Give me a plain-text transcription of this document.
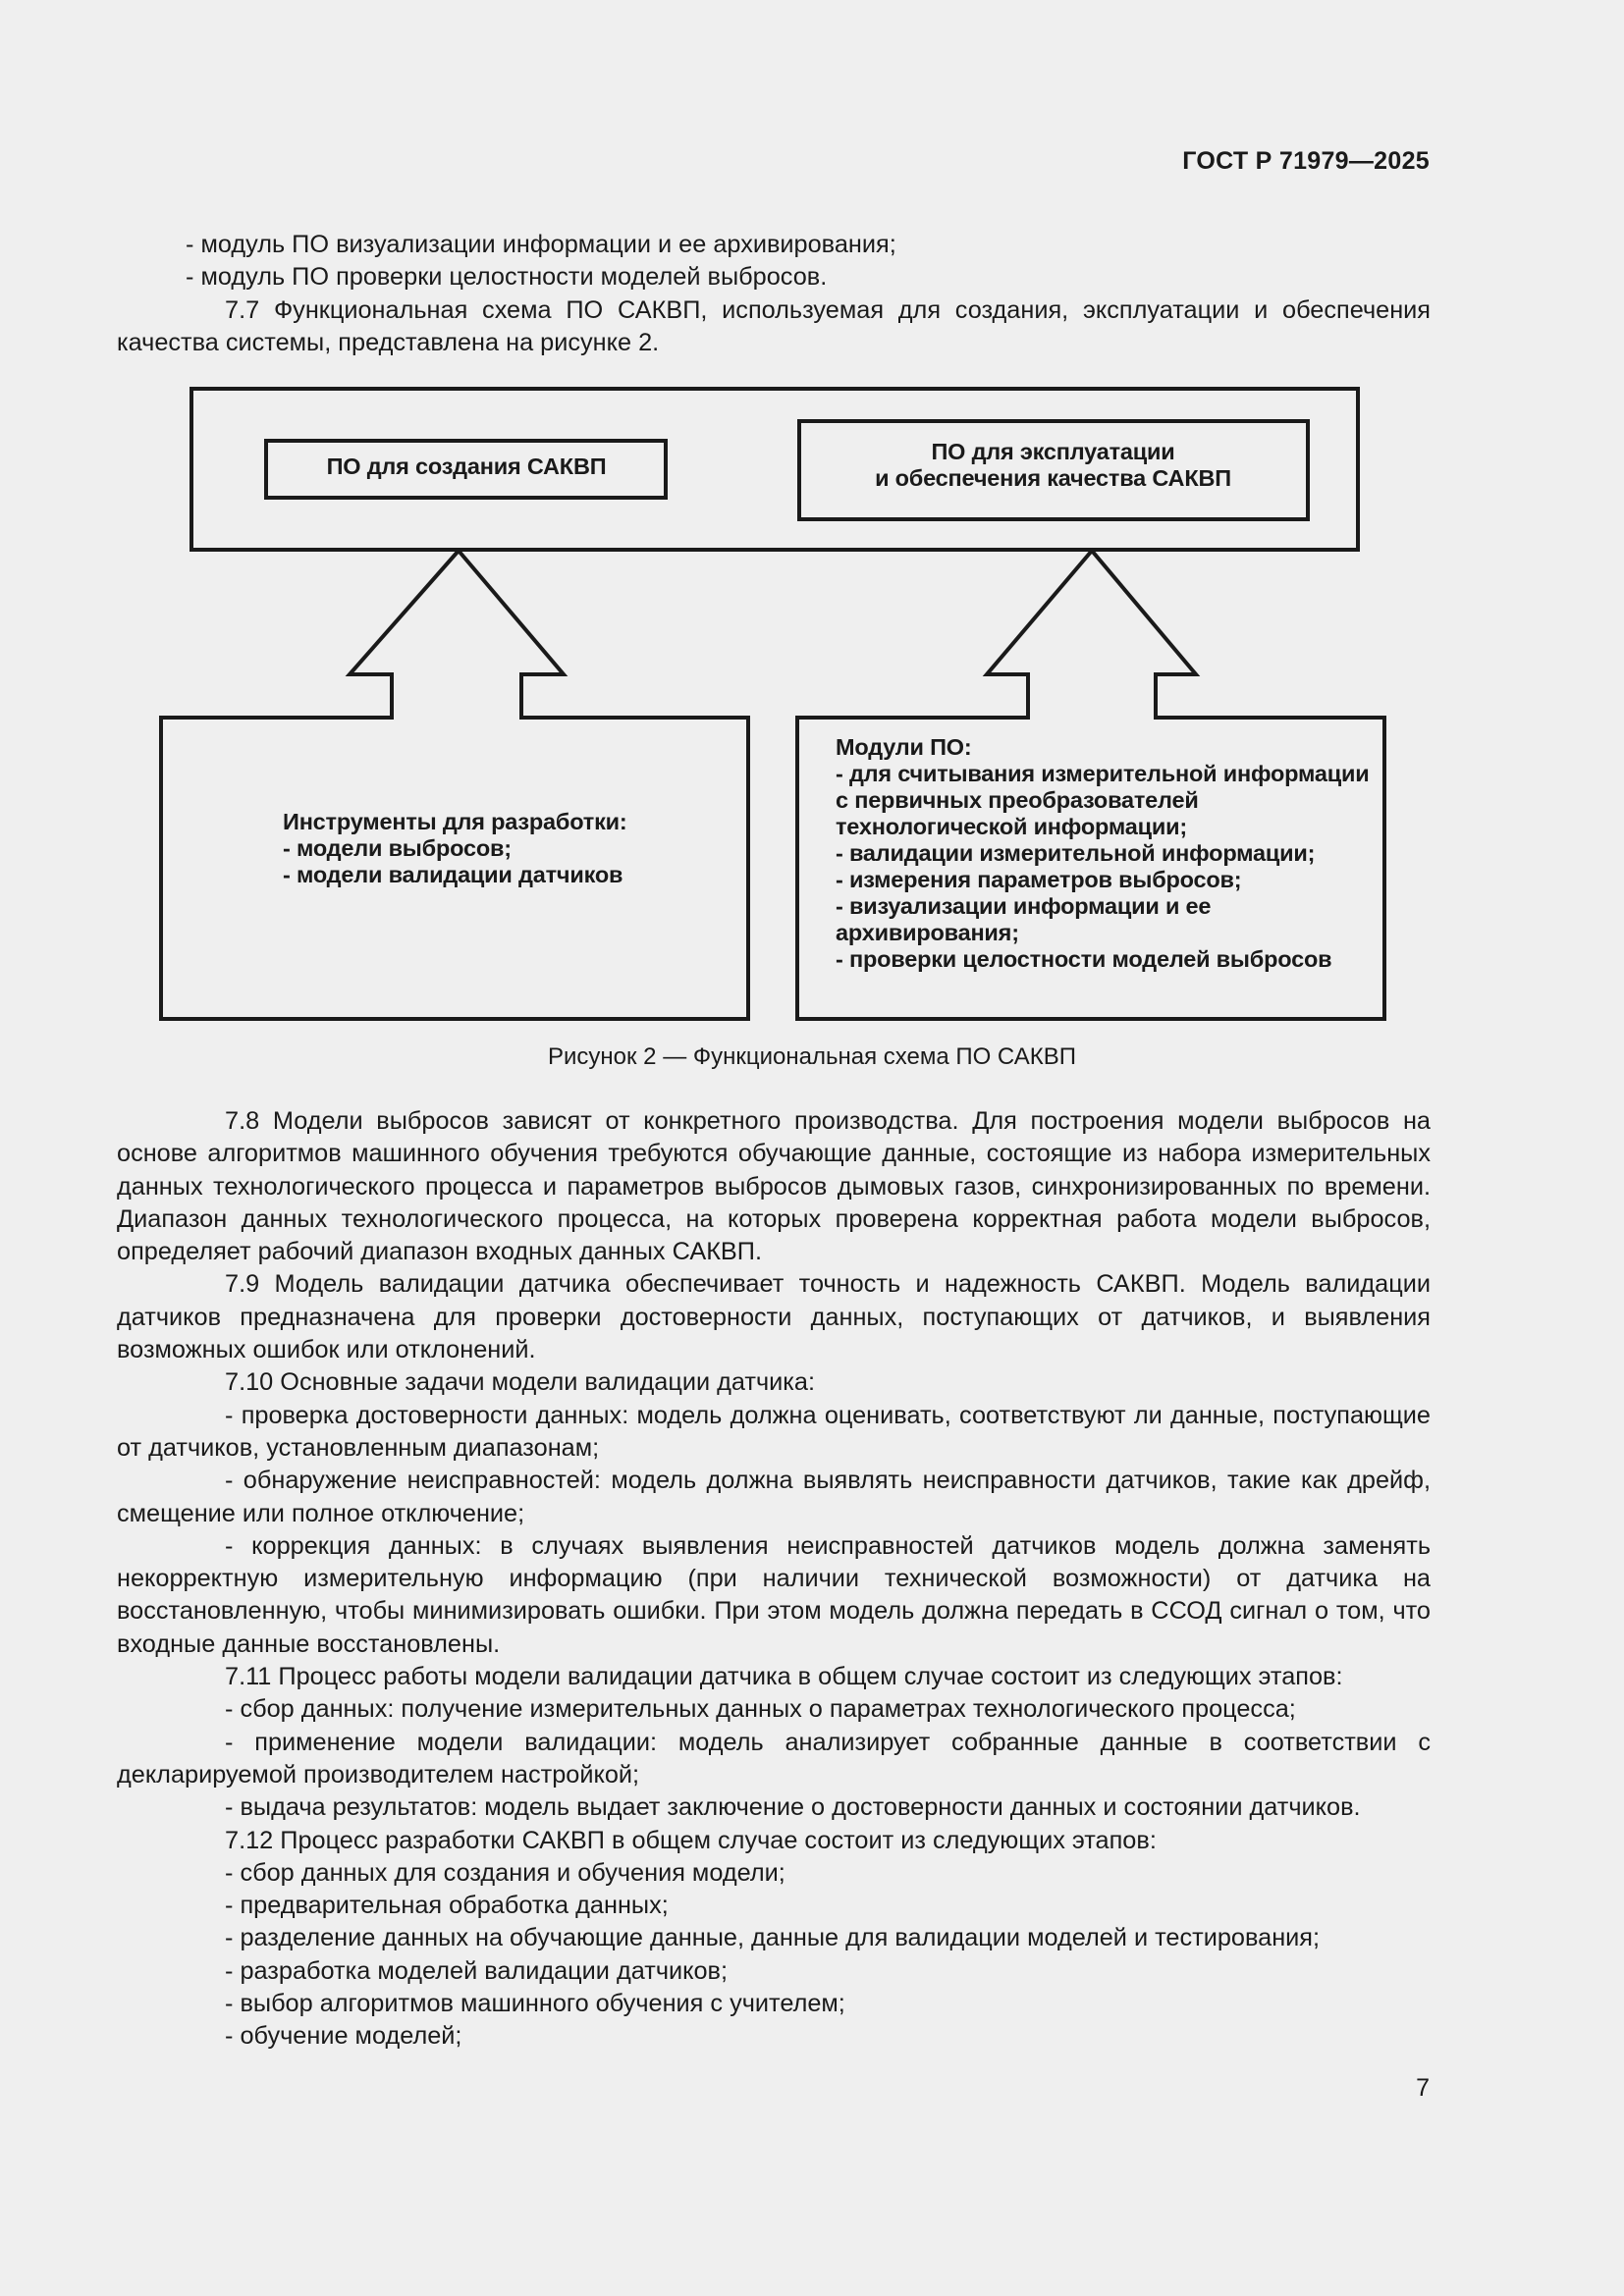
ГОСТ Р 71979—2025

- модуль ПО визуализации информации и ее архивирования;

- модуль ПО проверки целостности моделей выбросов.

7.7 Функциональная схема ПО САКВП, используемая для создания, эксплуатации и обеспечения качества системы, представлена на рисунке 2.

ПО для создания САКВП
ПО для эксплуатации
и обеспечения качества САКВП
Инструменты для разработки:
- модели выбросов;
- модели валидации датчиков
Модули ПО:
- для считывания измерительной информации
с первичных преобразователей
технологической информации;
- валидации измерительной информации;
- измерения параметров выбросов;
- визуализации информации и ее
архивирования;
- проверки целостности моделей выбросов
Рисунок 2 — Функциональная схема ПО САКВП

7.8 Модели выбросов зависят от конкретного производства. Для построения модели выбросов на основе алгоритмов машинного обучения требуются обучающие данные, состоящие из набора измерительных данных технологического процесса и параметров выбросов дымовых газов, синхронизированных по времени. Диапазон данных технологического процесса, на которых проверена корректная работа модели выбросов, определяет рабочий диапазон входных данных САКВП.

7.9 Модель валидации датчика обеспечивает точность и надежность САКВП. Модель валидации датчиков предназначена для проверки достоверности данных, поступающих от датчиков, и выявления возможных ошибок или отклонений.

7.10 Основные задачи модели валидации датчика:

- проверка достоверности данных: модель должна оценивать, соответствуют ли данные, поступающие от датчиков, установленным диапазонам;

- обнаружение неисправностей: модель должна выявлять неисправности датчиков, такие как дрейф, смещение или полное отключение;

- коррекция данных: в случаях выявления неисправностей датчиков модель должна заменять некорректную измерительную информацию (при наличии технической возможности) от датчика на восстановленную, чтобы минимизировать ошибки. При этом модель должна передать в ССОД сигнал о том, что входные данные восстановлены.

7.11 Процесс работы модели валидации датчика в общем случае состоит из следующих этапов:

- сбор данных: получение измерительных данных о параметрах технологического процесса;

- применение модели валидации: модель анализирует собранные данные в соответствии с декларируемой производителем настройкой;

- выдача результатов: модель выдает заключение о достоверности данных и состоянии датчиков.

7.12 Процесс разработки САКВП в общем случае состоит из следующих этапов:

- сбор данных для создания и обучения модели;

- предварительная обработка данных;

- разделение данных на обучающие данные, данные для валидации моделей и тестирования;

- разработка моделей валидации датчиков;

- выбор алгоритмов машинного обучения с учителем;

- обучение моделей;

7
